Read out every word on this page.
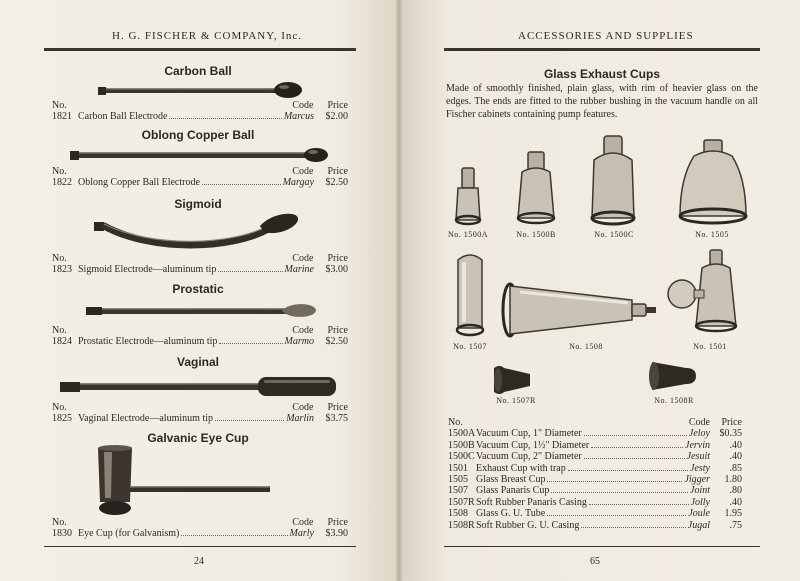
H. G. FISCHER & COMPANY, Inc.
Carbon Ball
Code Price
No.
1821 Carbon Ball Electrode	Marcus	$2.00
Oblong Copper Ball
Code Price
No.
1822 Oblong Copper Ball Electrode	Margay	$2.50
Sigmoid
Code Price
No.
1823 Sigmoid Electrode—aluminum tip	Marine	$3.00
Prostatic
Code Price
No.
1824 Prostatic Electrode—aluminum tip	Marmo	$2.50
Vaginal
Code Price
No.
1825 Vaginal Electrode—aluminum tip	Marlin	$3.75
Galvanic Eye Cup
Code Price
No.
1830 Eye Cup (for Galvanism)	Marly	$3.90
24
ACCESSORIES AND SUPPLIES
Glass Exhaust Cups
Made of smoothly finished, plain glass, with rim of heavier glass on the edges. The ends are fitted to the rubber bushing in the vacuum handle on all Fischer cabinets containing pump features.
No. 1500A	No. 1500B	No. 1500C	No. 1505
No. 1507	No. 1508	No. 1501
No. 1507R	No. 1508R
No.	Code	Price
1500A Vacuum Cup, 1" Diameter	Jeloy $0.35
1500B Vacuum Cup, 1½" Diameter	Jervin	.40
1500C Vacuum Cup, 2" Diameter	Jesuit	.40
1501 Exhaust Cup with trap	Jesty	.85
1505 Glass Breast Cup	Jigger	1.80
1507 Glass Panaris Cup	Joint	.80
1507R Soft Rubber Panaris Casing	Jolly	.40
1508 Glass G. U. Tube	Joule	1.95
1508R Soft Rubber G. U. Casing	Jugal	.75
65
